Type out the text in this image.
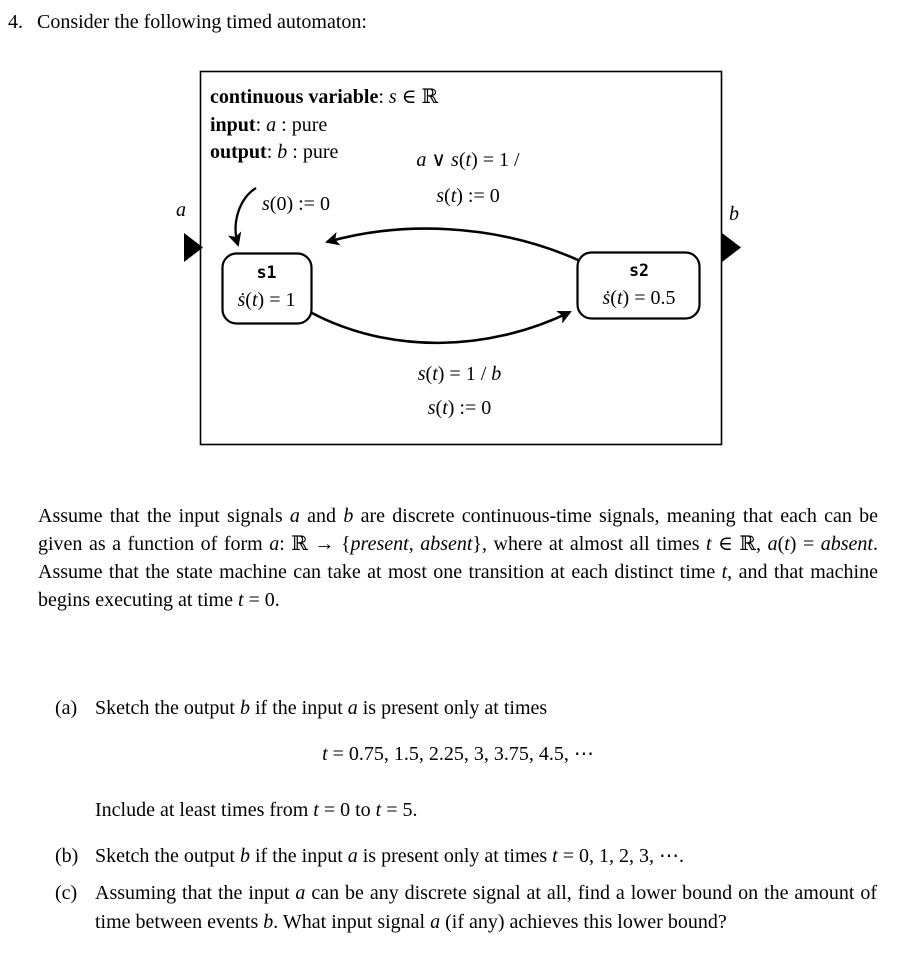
4. Consider the following timed automaton:
continuous variable: s ∈ ℝ
input: a : pure
output: b : pure
a	b
s(0) := 0
a ∨ s(t) = 1 /
s(t) := 0
s(t) = 1 / b
s(t) := 0
s1
ṡ(t) = 1
s2
ṡ(t) = 0.5
Assume that the input signals a and b are discrete continuous-time signals, meaning that each can be given as a function of form a: ℝ → {present, absent}, where at almost all times t ∈ ℝ, a(t) = absent. Assume that the state machine can take at most one transition at each distinct time t, and that machine begins executing at time t = 0.
(a) Sketch the output b if the input a is present only at times
t = 0.75, 1.5, 2.25, 3, 3.75, 4.5, ⋯
Include at least times from t = 0 to t = 5.
(b) Sketch the output b if the input a is present only at times t = 0, 1, 2, 3, ⋯.
(c) Assuming that the input a can be any discrete signal at all, find a lower bound on the amount of time between events b. What input signal a (if any) achieves this lower bound?
